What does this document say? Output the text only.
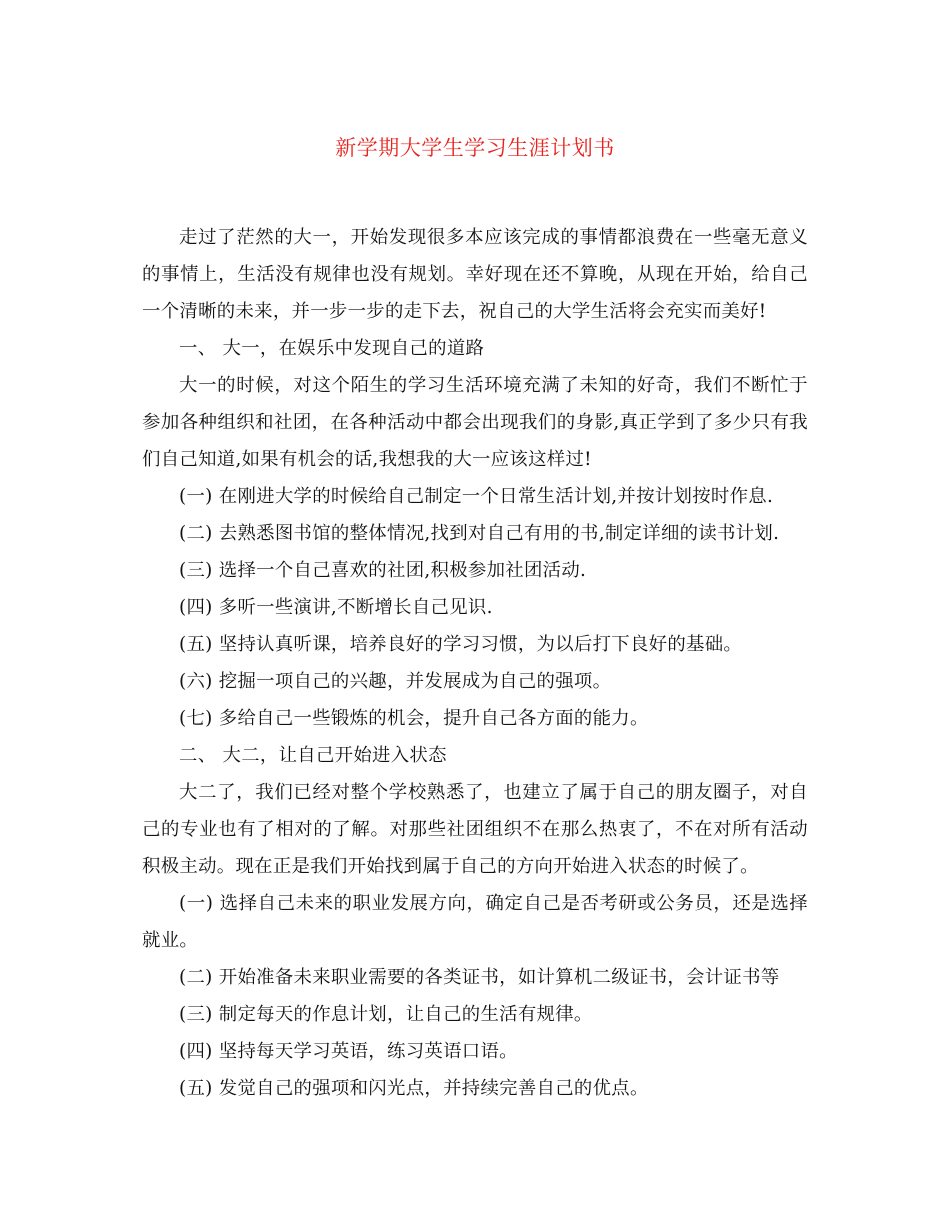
新学期大学生学习生涯计划书

走过了茫然的大一，开始发现很多本应该完成的事情都浪费在一些毫无意义的事情上，生活没有规律也没有规划。幸好现在还不算晚，从现在开始，给自己一个清晰的未来，并一步一步的走下去，祝自己的大学生活将会充实而美好!

一、 大一，在娱乐中发现自己的道路

大一的时候，对这个陌生的学习生活环境充满了未知的好奇，我们不断忙于参加各种组织和社团，在各种活动中都会出现我们的身影,真正学到了多少只有我们自己知道,如果有机会的话,我想我的大一应该这样过!

(一) 在刚进大学的时候给自己制定一个日常生活计划,并按计划按时作息.

(二) 去熟悉图书馆的整体情况,找到对自己有用的书,制定详细的读书计划.

(三) 选择一个自己喜欢的社团,积极参加社团活动.

(四) 多听一些演讲,不断增长自己见识.

(五) 坚持认真听课，培养良好的学习习惯，为以后打下良好的基础。

(六) 挖掘一项自己的兴趣，并发展成为自己的强项。

(七) 多给自己一些锻炼的机会，提升自己各方面的能力。

二、 大二，让自己开始进入状态

大二了，我们已经对整个学校熟悉了，也建立了属于自己的朋友圈子，对自己的专业也有了相对的了解。对那些社团组织不在那么热衷了，不在对所有活动积极主动。现在正是我们开始找到属于自己的方向开始进入状态的时候了。

(一) 选择自己未来的职业发展方向，确定自己是否考研或公务员，还是选择就业。

(二) 开始准备未来职业需要的各类证书，如计算机二级证书，会计证书等

(三) 制定每天的作息计划，让自己的生活有规律。

(四) 坚持每天学习英语，练习英语口语。

(五) 发觉自己的强项和闪光点，并持续完善自己的优点。
